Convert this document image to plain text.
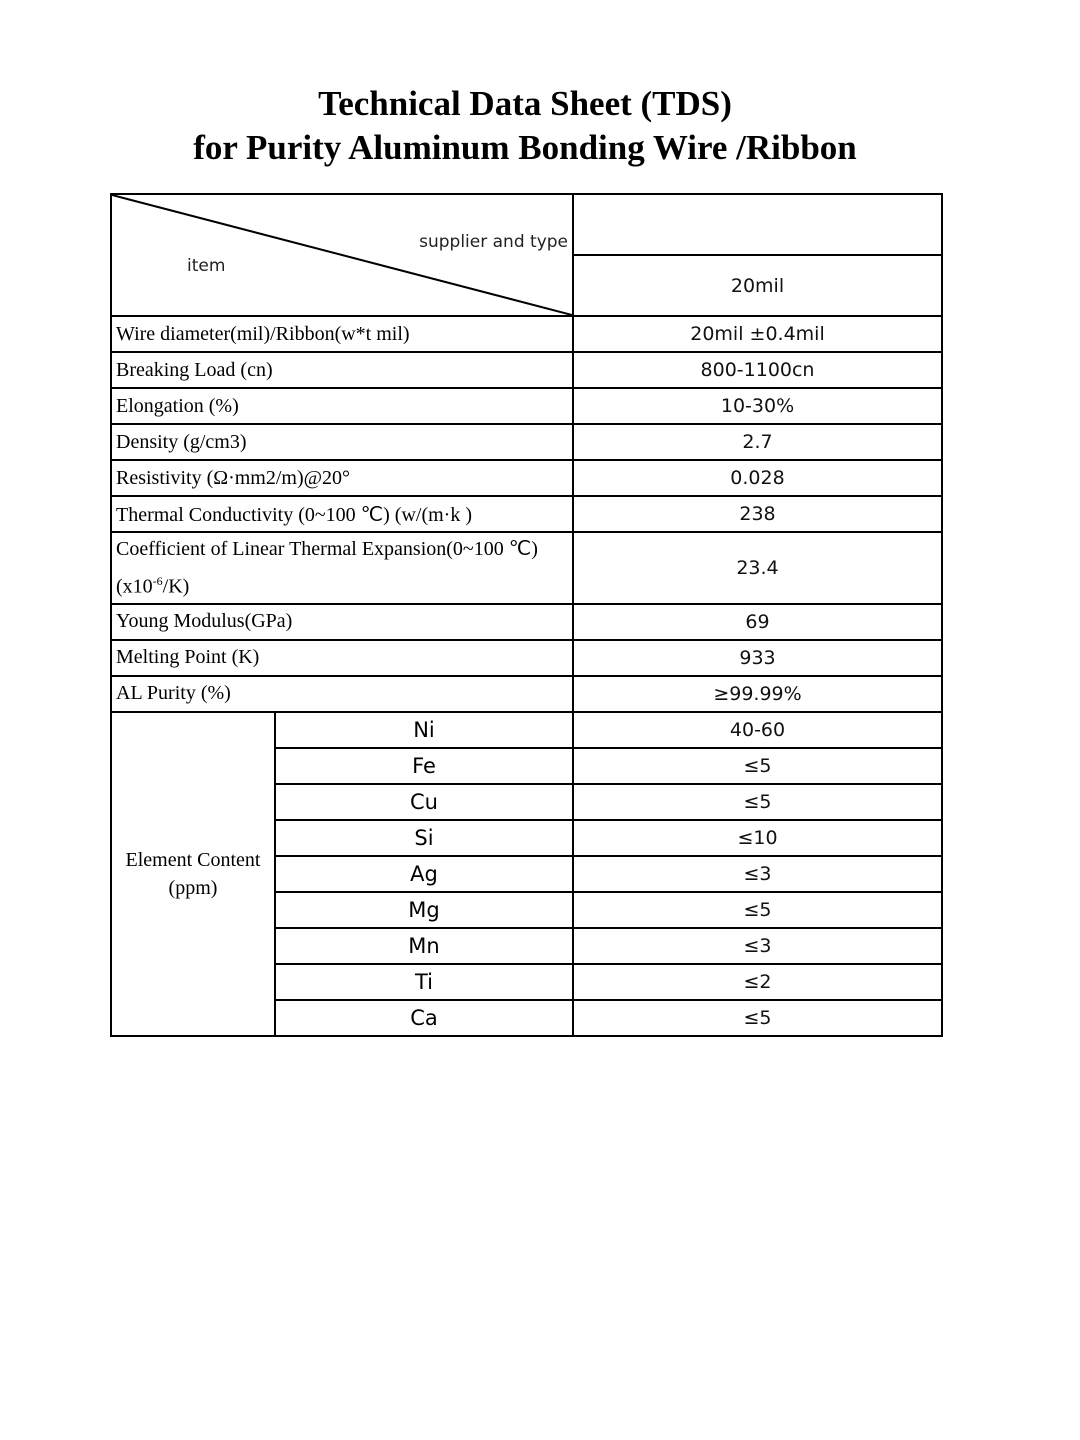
Technical Data Sheet (TDS)
for Purity Aluminum Bonding Wire /Ribbon
supplier and type
item		

		20mil
Wire diameter(mil)/Ribbon(w*t mil)		20mil ±0.4mil
Breaking Load (cn)		800-1100cn
Elongation (%)		10-30%
Density (g/cm3)		2.7
Resistivity (Ω·mm2/m)@20°		0.028
Thermal Conductivity (0~100 ℃) (w/(m·k )		238
Coefficient of Linear Thermal Expansion(0~100 ℃)
$(x10^{-6}/K)$		23.4
Young Modulus(GPa)		69
Melting Point (K)		933
AL Purity (%)		≥99.99%
Element Content
(ppm)	Ni	40-60
	Fe	≤5
	Cu	≤5
	Si	≤10
	Ag	≤3
	Mg	≤5
	Mn	≤3
	Ti	≤2
	Ca	≤5
